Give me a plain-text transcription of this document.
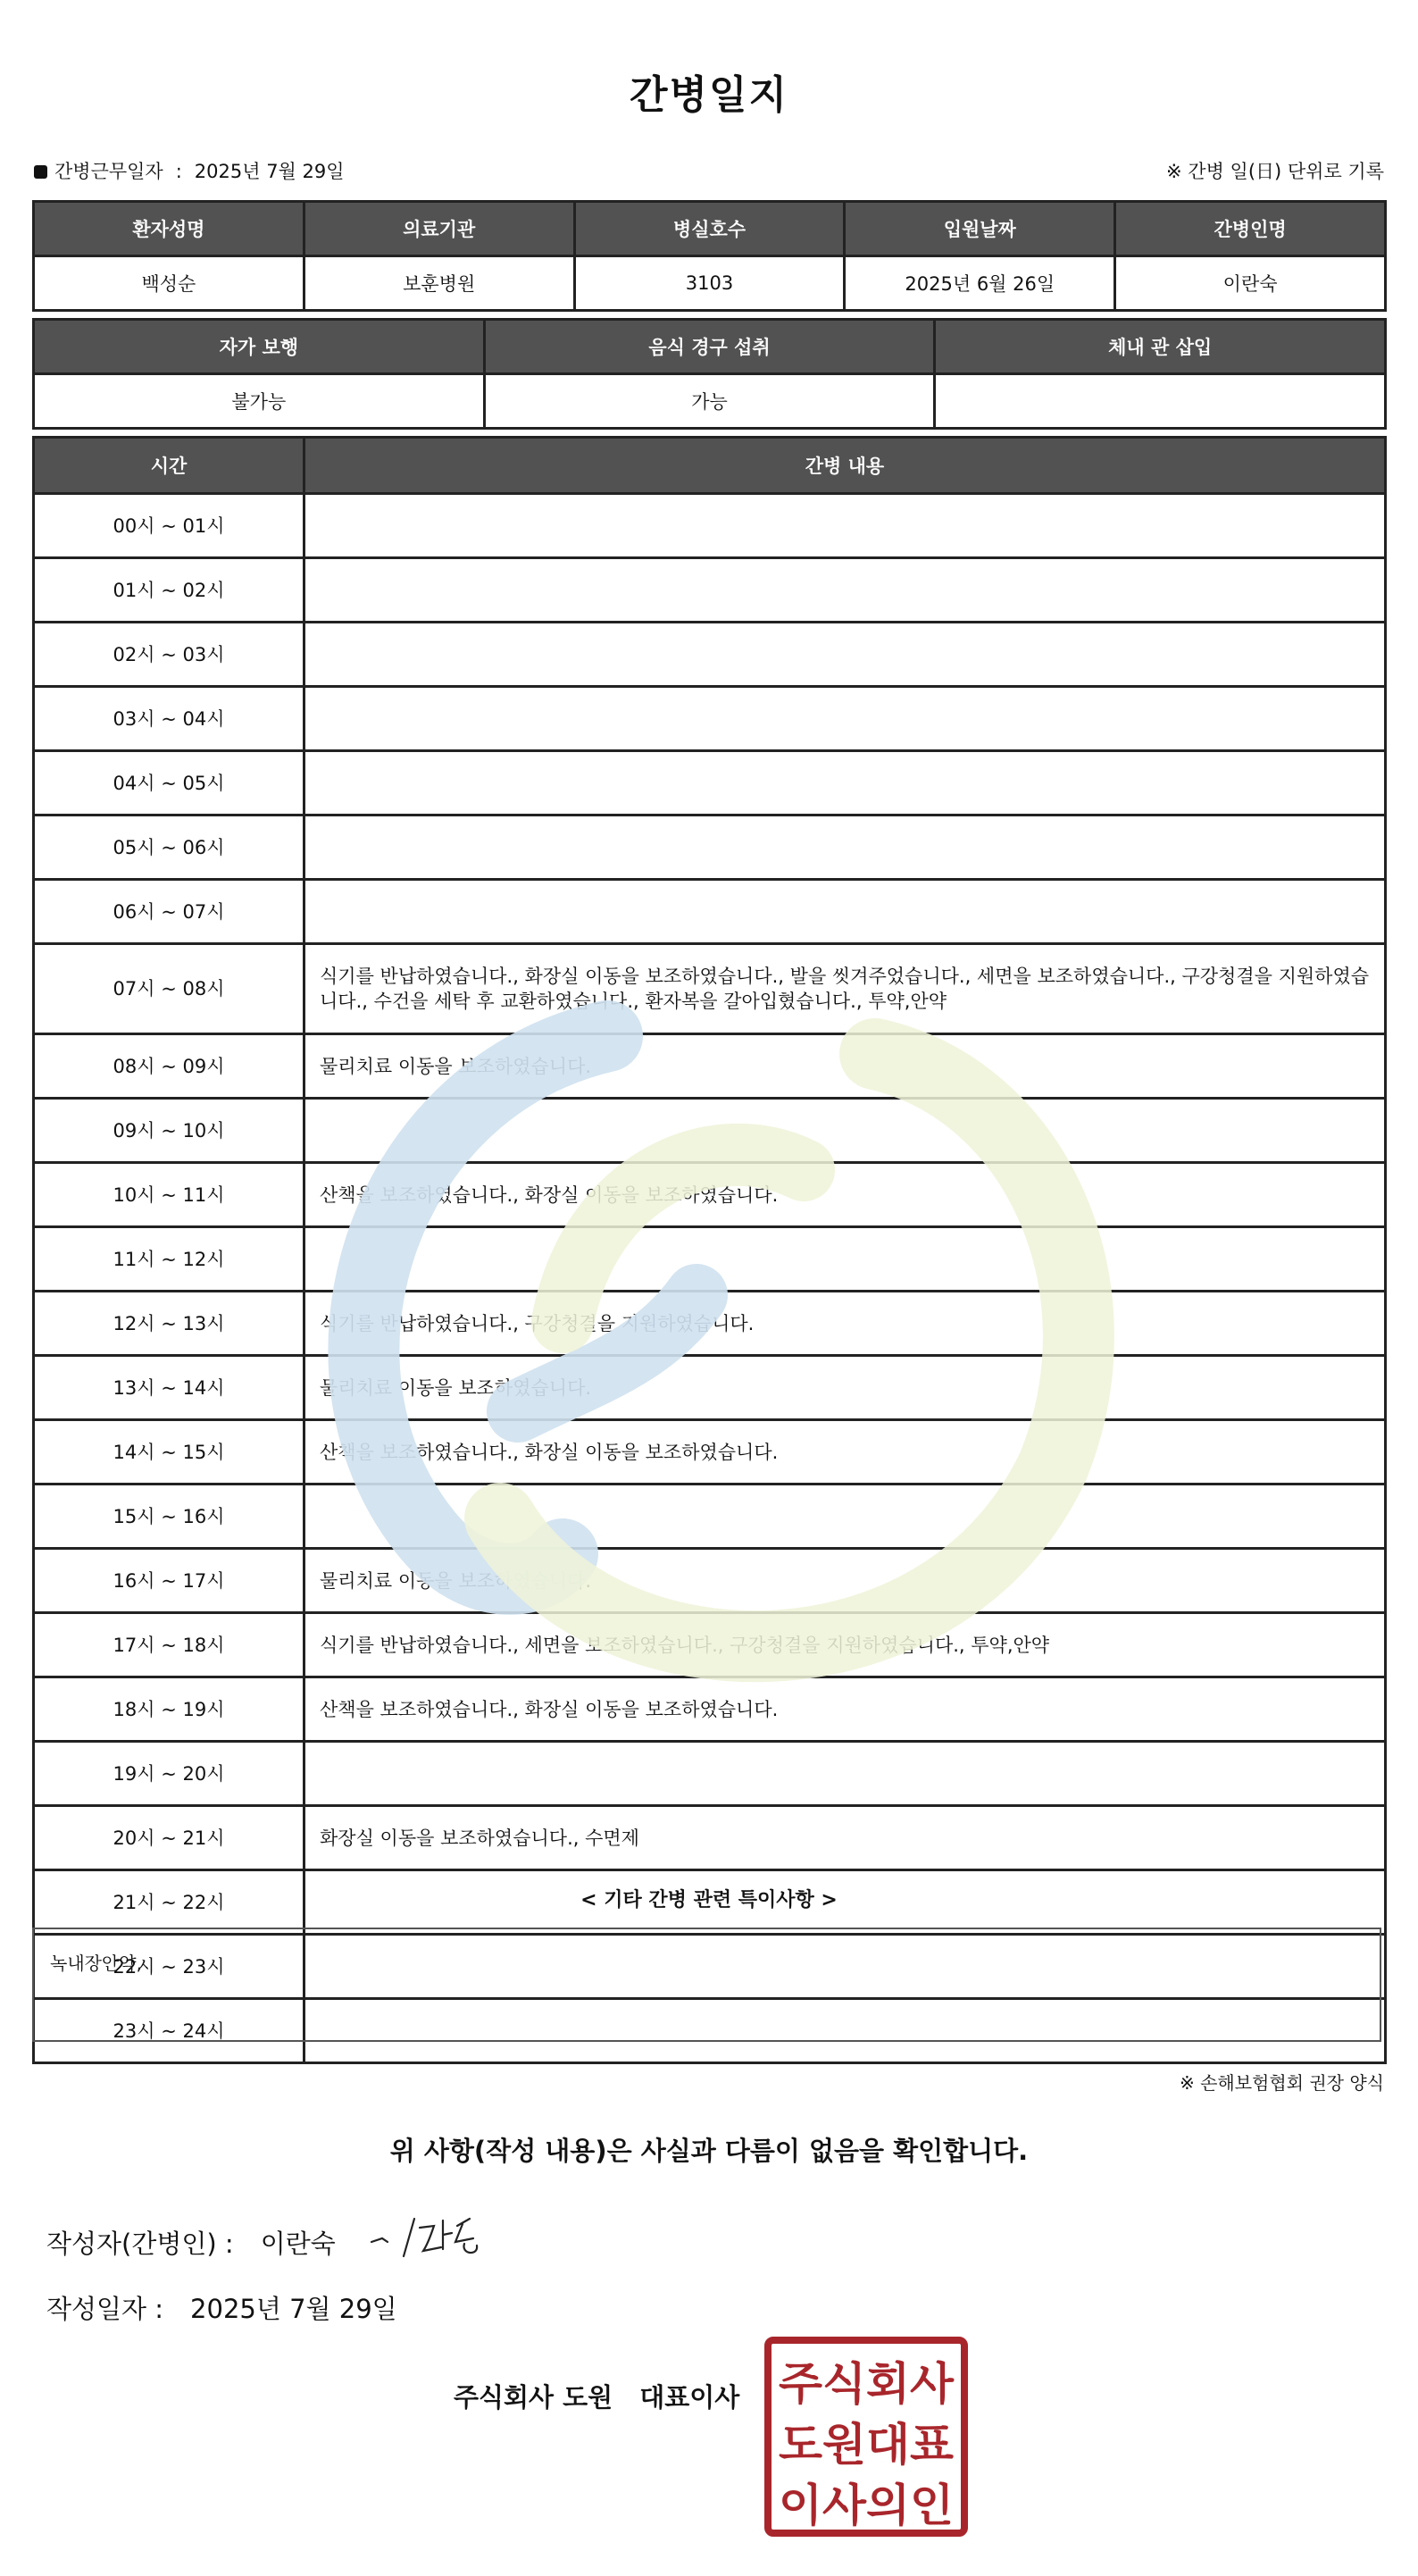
간병일지
간병근무일자 : 2025년 7월 29일	※ 간병 일(日) 단위로 기록
환자성명	의료기관	병실호수	입원날짜	간병인명
백성순	보훈병원	3103	2025년 6월 26일	이란숙
자가 보행	음식 경구 섭취	체내 관 삽입
불가능	가능	
시간	간병 내용
00시 ~ 01시	
01시 ~ 02시	
02시 ~ 03시	
03시 ~ 04시	
04시 ~ 05시	
05시 ~ 06시	
06시 ~ 07시	
07시 ~ 08시	식기를 반납하였습니다., 화장실 이동을 보조하였습니다., 발을 씻겨주었습니다., 세면을 보조하였습니다., 구강청결을 지원하였습니다., 수건을 세탁 후 교환하였습니다., 환자복을 갈아입혔습니다., 투약,안약
08시 ~ 09시	물리치료 이동을 보조하였습니다.
09시 ~ 10시	
10시 ~ 11시	산책을 보조하였습니다., 화장실 이동을 보조하였습니다.
11시 ~ 12시	
12시 ~ 13시	식기를 반납하였습니다., 구강청결을 지원하였습니다.
13시 ~ 14시	물리치료 이동을 보조하였습니다.
14시 ~ 15시	산책을 보조하였습니다., 화장실 이동을 보조하였습니다.
15시 ~ 16시	
16시 ~ 17시	물리치료 이동을 보조하였습니다.
17시 ~ 18시	식기를 반납하였습니다., 세면을 보조하였습니다., 구강청결을 지원하였습니다., 투약,안약
18시 ~ 19시	산책을 보조하였습니다., 화장실 이동을 보조하였습니다.
19시 ~ 20시	
20시 ~ 21시	화장실 이동을 보조하였습니다., 수면제
21시 ~ 22시	
22시 ~ 23시	
23시 ~ 24시	
< 기타 간병 관련 특이사항 >
녹내장안약,
※ 손해보험협회 권장 양식
위 사항(작성 내용)은 사실과 다름이 없음을 확인합니다.
작성자(간병인) : 이란숙
작성일자 : 2025년 7월 29일
주식회사 도원 대표이사 주식회사
도원대표
이사의인
